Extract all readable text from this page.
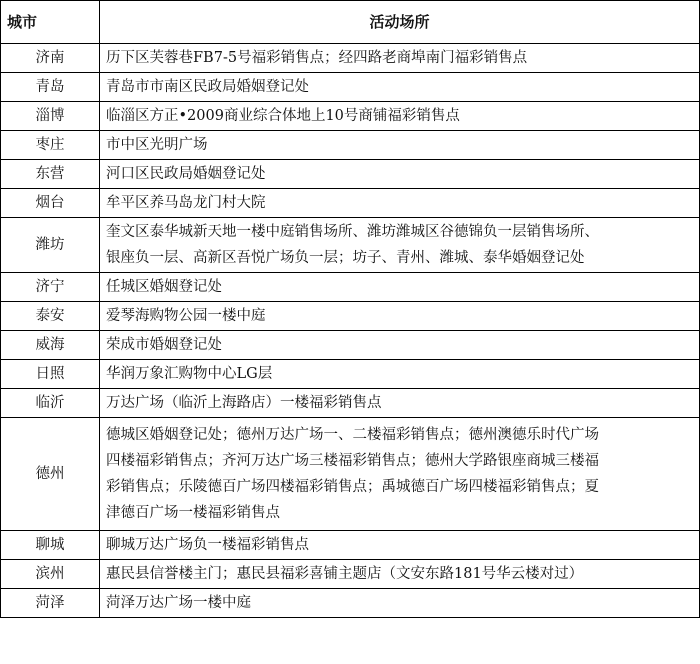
城市	活动场所
济南	历下区芙蓉巷FB7-5号福彩销售点；经四路老商埠南门福彩销售点
青岛	青岛市市南区民政局婚姻登记处
淄博	临淄区方正•2009商业综合体地上10号商铺福彩销售点
枣庄	市中区光明广场
东营	河口区民政局婚姻登记处
烟台	牟平区养马岛龙门村大院
潍坊	奎文区泰华城新天地一楼中庭销售场所、潍坊潍城区谷德锦负一层销售场所、
银座负一层、高新区吾悦广场负一层；坊子、青州、潍城、泰华婚姻登记处
济宁	任城区婚姻登记处
泰安	爱琴海购物公园一楼中庭
威海	荣成市婚姻登记处
日照	华润万象汇购物中心LG层
临沂	万达广场（临沂上海路店）一楼福彩销售点
德州	德城区婚姻登记处；德州万达广场一、二楼福彩销售点；德州澳德乐时代广场
四楼福彩销售点；齐河万达广场三楼福彩销售点；德州大学路银座商城三楼福
彩销售点；乐陵德百广场四楼福彩销售点；禹城德百广场四楼福彩销售点；夏
津德百广场一楼福彩销售点
聊城	聊城万达广场负一楼福彩销售点
滨州	惠民县信誉楼主门；惠民县福彩喜铺主题店（文安东路181号华云楼对过）
菏泽	菏泽万达广场一楼中庭
